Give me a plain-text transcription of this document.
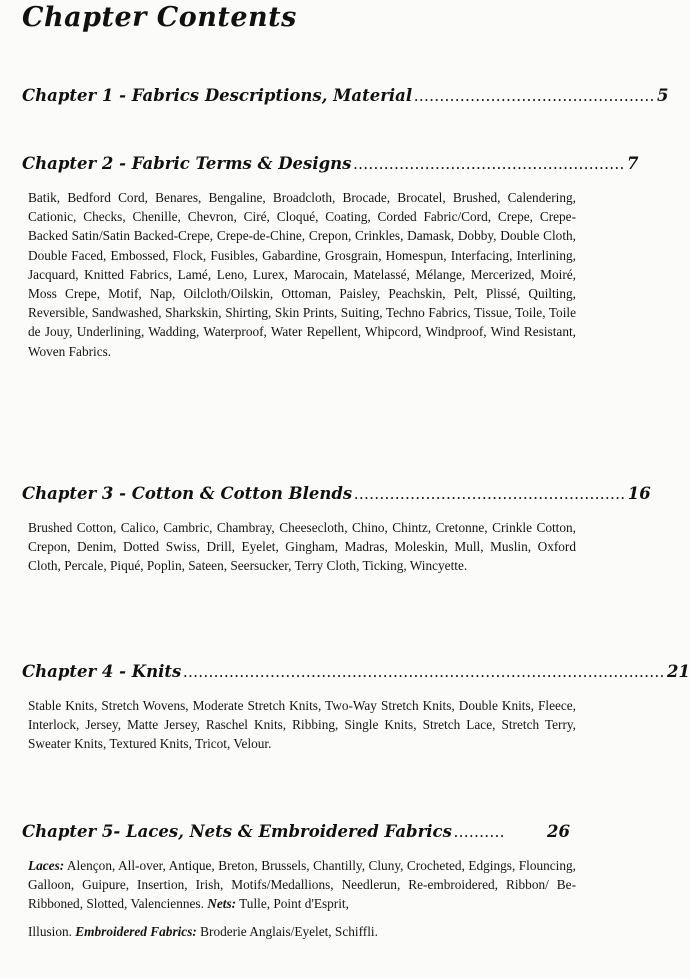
Chapter Contents
Chapter 1 - Fabrics Descriptions, Material ............................................... 5
Chapter 2 - Fabric Terms & Designs ..................................................... 7
Batik, Bedford Cord, Benares, Bengaline, Broadcloth, Brocade, Brocatel, Brushed, Calendering, Cationic, Checks, Chenille, Chevron, Ciré, Cloqué, Coating, Corded Fabric/Cord, Crepe, Crepe-Backed Satin/Satin Backed-Crepe, Crepe-de-Chine, Crepon, Crinkles, Damask, Dobby, Double Cloth, Double Faced, Embossed, Flock, Fusibles, Gabardine, Grosgrain, Homespun, Interfacing, Interlining, Jacquard, Knitted Fabrics, Lamé, Leno, Lurex, Marocain, Matelassé, Mélange, Mercerized, Moiré, Moss Crepe, Motif, Nap, Oilcloth/Oilskin, Ottoman, Paisley, Peachskin, Pelt, Plissé, Quilting, Reversible, Sandwashed, Sharkskin, Shirting, Skin Prints, Suiting, Techno Fabrics, Tissue, Toile, Toile de Jouy, Underlining, Wadding, Waterproof, Water Repellent, Whipcord, Windproof, Wind Resistant, Woven Fabrics.
Chapter 3 - Cotton & Cotton Blends ..................................................... 16
Brushed Cotton, Calico, Cambric, Chambray, Cheesecloth, Chino, Chintz, Cretonne, Crinkle Cotton, Crepon, Denim, Dotted Swiss, Drill, Eyelet, Gingham, Madras, Moleskin, Mull, Muslin, Oxford Cloth, Percale, Piqué, Poplin, Sateen, Seersucker, Terry Cloth, Ticking, Wincyette.
Chapter 4 - Knits .............................................................................................. 21
Stable Knits, Stretch Wovens, Moderate Stretch Knits, Two-Way Stretch Knits, Double Knits, Fleece, Interlock, Jersey, Matte Jersey, Raschel Knits, Ribbing, Single Knits, Stretch Lace, Stretch Terry, Sweater Knits, Textured Knits, Tricot, Velour.
Chapter 5- Laces, Nets & Embroidered Fabrics ..........	26
Laces: Alençon, All-over, Antique, Breton, Brussels, Chantilly, Cluny, Crocheted, Edgings, Flouncing, Galloon, Guipure, Insertion, Irish, Motifs/Medallions, Needlerun, Re-embroidered, Ribbon/ Be-Ribboned, Slotted, Valenciennes. Nets: Tulle, Point d'Esprit,
Illusion. Embroidered Fabrics: Broderie Anglais/Eyelet, Schiffli.
